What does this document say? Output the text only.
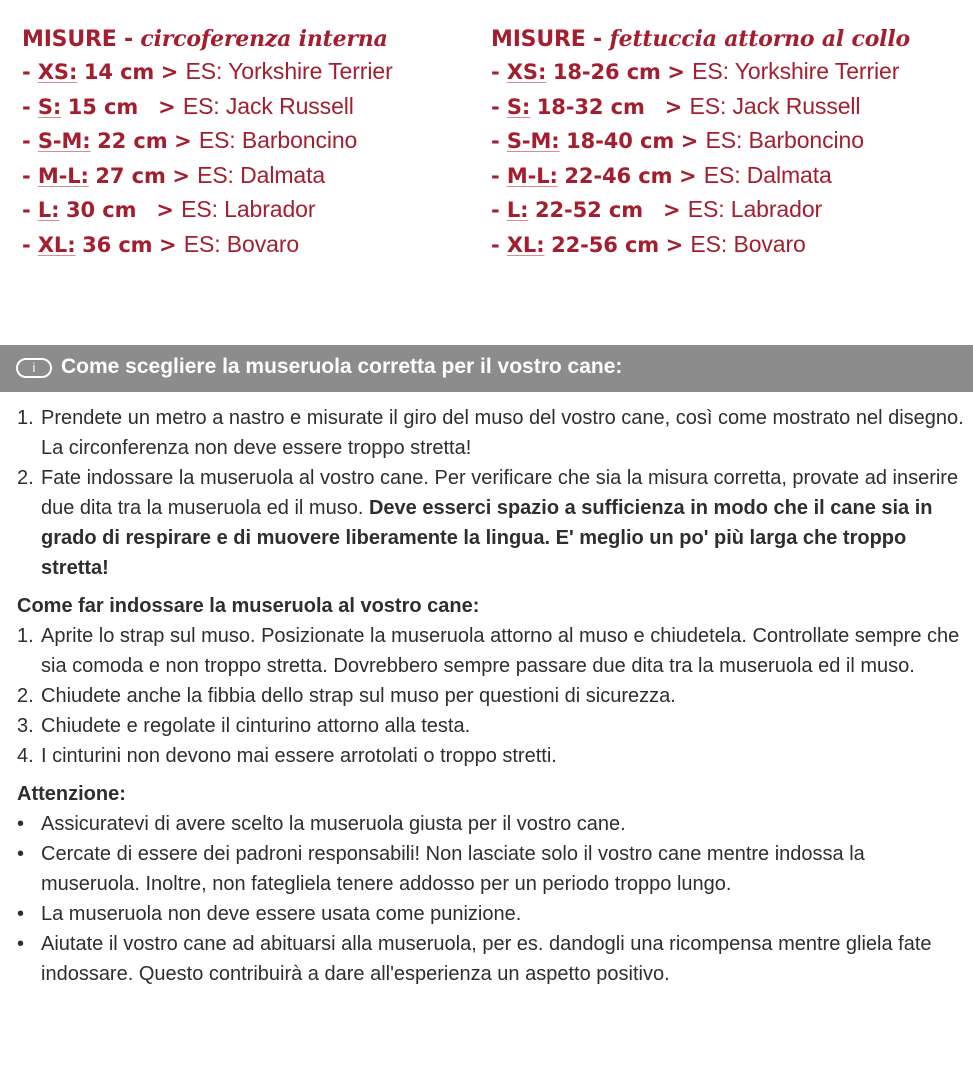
MISURE - circoferenza interna
- XS: 14 cm > ES: Yorkshire Terrier
- S: 15 cm > ES: Jack Russell
- S-M: 22 cm > ES: Barboncino
- M-L: 27 cm > ES: Dalmata
- L: 30 cm > ES: Labrador
- XL: 36 cm > ES: Bovaro
MISURE - fettuccia attorno al collo
- XS: 18-26 cm > ES: Yorkshire Terrier
- S: 18-32 cm > ES: Jack Russell
- S-M: 18-40 cm > ES: Barboncino
- M-L: 22-46 cm > ES: Dalmata
- L: 22-52 cm > ES: Labrador
- XL: 22-56 cm > ES: Bovaro
i	Come scegliere la museruola corretta per il vostro cane:
1. Prendete un metro a nastro e misurate il giro del muso del vostro cane, così come mostrato nel disegno. La circonferenza non deve essere troppo stretta!
2. Fate indossare la museruola al vostro cane. Per verificare che sia la misura corretta, provate ad inserire due dita tra la museruola ed il muso. Deve esserci spazio a sufficienza in modo che il cane sia in grado di respirare e di muovere liberamente la lingua. E' meglio un po' più larga che troppo stretta!
Come far indossare la museruola al vostro cane:
1. Aprite lo strap sul muso. Posizionate la museruola attorno al muso e chiudetela. Controllate sempre che sia comoda e non troppo stretta. Dovrebbero sempre passare due dita tra la museruola ed il muso.
2. Chiudete anche la fibbia dello strap sul muso per questioni di sicurezza.
3. Chiudete e regolate il cinturino attorno alla testa.
4. I cinturini non devono mai essere arrotolati o troppo stretti.
Attenzione:
• Assicuratevi di avere scelto la museruola giusta per il vostro cane.
• Cercate di essere dei padroni responsabili! Non lasciate solo il vostro cane mentre indossa la museruola. Inoltre, non fategliela tenere addosso per un periodo troppo lungo.
• La museruola non deve essere usata come punizione.
• Aiutate il vostro cane ad abituarsi alla museruola, per es. dandogli una ricompensa mentre gliela fate indossare. Questo contribuirà a dare all'esperienza un aspetto positivo.
